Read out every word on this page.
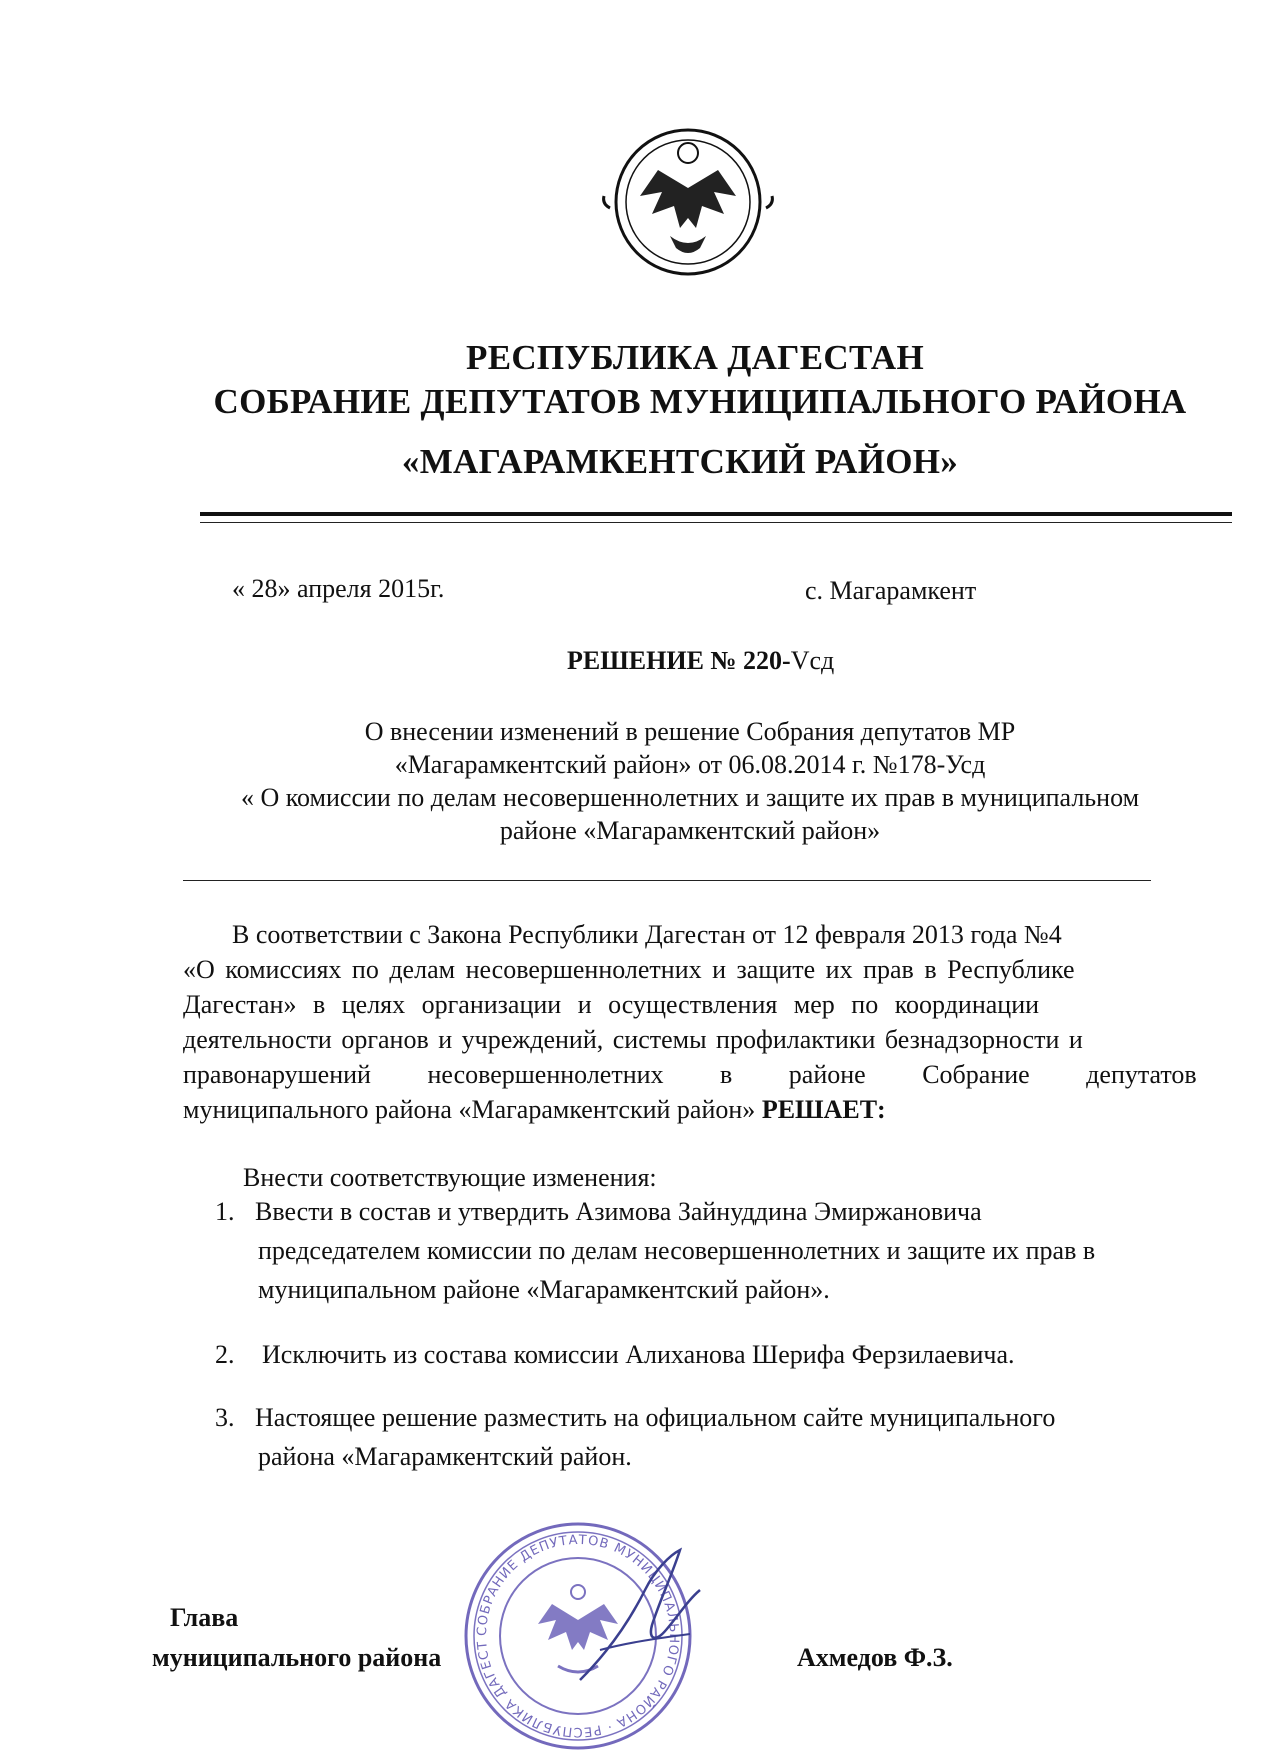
РЕСПУБЛИКА ДАГЕСТАН
СОБРАНИЕ ДЕПУТАТОВ МУНИЦИПАЛЬНОГО РАЙОНА
«МАГАРАМКЕНТСКИЙ РАЙОН»
« 28» апреля 2015г.	с. Магарамкент
РЕШЕНИЕ № 220-Vсд
О внесении изменений в решение Собрания депутатов МР
«Магарамкентский район» от 06.08.2014 г. №178-Усд
« О комиссии по делам несовершеннолетних и защите их прав в муниципальном
районе «Магарамкентский район»
В соответствии с Закона Республики Дагестан от 12 февраля 2013 года №4
«О комиссиях по делам несовершеннолетних и защите их прав в Республике
Дагестан» в целях организации и осуществления мер по координации
деятельности органов и учреждений, системы профилактики безнадзорности и
правонарушений несовершеннолетних в районе Собрание депутатов
муниципального района «Магарамкентский район» РЕШАЕТ:
Внести соответствующие изменения:
1. Ввести в состав и утвердить Азимова Зайнуддина Эмиржановича
председателем комиссии по делам несовершеннолетних и защите их прав в
муниципальном районе «Магарамкентский район».
2. Исключить из состава комиссии Алиханова Шерифа Ферзилаевича.
3. Настоящее решение разместить на официальном сайте муниципального
района «Магарамкентский район.
СОБРАНИЕ ДЕПУТАТОВ МУНИЦИПАЛЬНОГО РАЙОНА · РЕСПУБЛИКА ДАГЕСТ
Глава
муниципального района	Ахмедов Ф.З.
